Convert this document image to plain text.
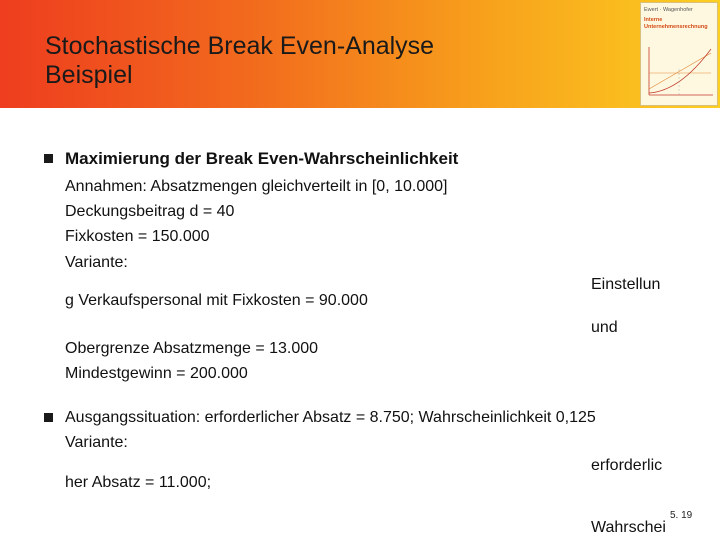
Stochastische Break Even-Analyse
Beispiel
Ewert · Wagenhofer
Interne
Unternehmensrechnung
Maximierung der Break Even-Wahrscheinlichkeit
Annahmen: Absatzmengen gleichverteilt in [0, 10.000]
Deckungsbeitrag d = 40
Fixkosten = 150.000
Variante:
Einstellun
g Verkaufspersonal mit Fixkosten = 90.000
und
Obergrenze Absatzmenge = 13.000
Mindestgewinn = 200.000
Ausgangssituation: erforderlicher Absatz = 8.750; Wahrscheinlichkeit 0,125
Variante:
erforderlic
her Absatz = 11.000;
5. 19
Wahrschei
